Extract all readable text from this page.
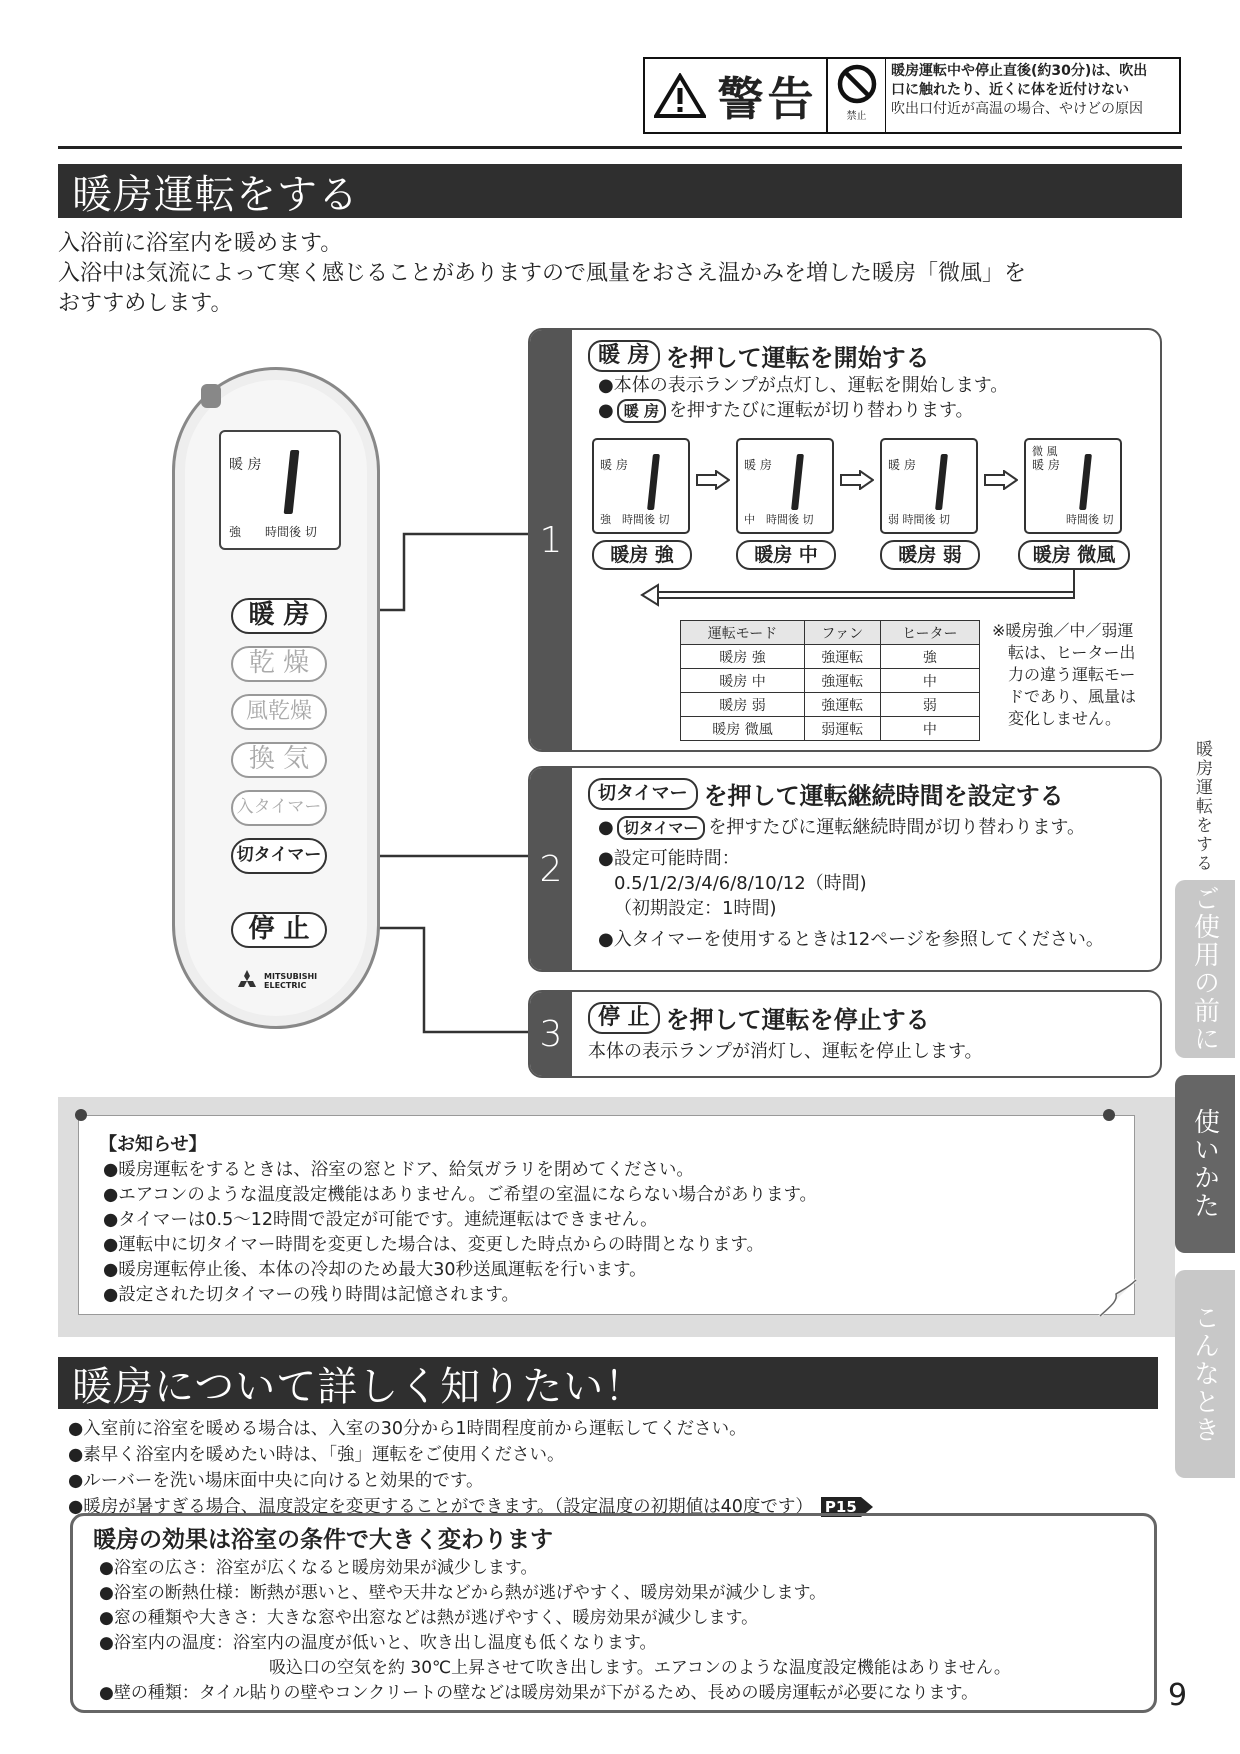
警告	禁止
暖房運転中や停止直後(約30分)は、吹出
口に触れたり、近くに体を近付けない
吹出口付近が高温の場合、やけどの原因
暖房運転をする
入浴前に浴室内を暖めます。
入浴中は気流によって寒く感じることがありますので風量をおさえ温かみを増した暖房「微風」を
おすすめします。
暖 房
強　　時間後 切
暖 房
乾 燥
風乾燥
換 気
入タイマー
切タイマー
停 止
MITSUBISHI
ELECTRIC
1
暖 房 を押して運転を開始する
●本体の表示ランプが点灯し、運転を開始します。
● 暖 房 を押すたびに運転が切り替わります。
暖 房
強　時間後 切
暖 房
中　時間後 切
暖 房
弱 時間後 切
微 風
暖 房
時間後 切
暖房 強	暖房 中	暖房 弱	暖房 微風
運転モード	ファン	ヒーター
暖房 強	強運転	強
暖房 中	強運転	中
暖房 弱	強運転	弱
暖房 微風	弱運転	中
※暖房強／中／弱運
転は、ヒーター出
力の違う運転モー
ドであり、風量は
変化しません。
2
切タイマー を押して運転継続時間を設定する
● 切タイマー を押すたびに運転継続時間が切り替わります。
●設定可能時間：
0.5/1/2/3/4/6/8/10/12（時間)
（初期設定：1時間)
●入タイマーを使用するときは12ページを参照してください。
3	停 止 を押して運転を停止する
本体の表示ランプが消灯し、運転を停止します。
【お知らせ】
●暖房運転をするときは、浴室の窓とドア、給気ガラリを閉めてください。
●エアコンのような温度設定機能はありません。ご希望の室温にならない場合があります。
●タイマーは0.5〜12時間で設定が可能です。連続運転はできません。
●運転中に切タイマー時間を変更した場合は、変更した時点からの時間となります。
●暖房運転停止後、本体の冷却のため最大30秒送風運転を行います。
●設定された切タイマーの残り時間は記憶されます。
暖房について詳しく知りたい！
●入室前に浴室を暖める場合は、入室の30分から1時間程度前から運転してください。
●素早く浴室内を暖めたい時は、「強」運転をご使用ください。
●ルーバーを洗い場床面中央に向けると効果的です。
●暖房が暑すぎる場合、温度設定を変更することができます。（設定温度の初期値は40度です） P15
暖房の効果は浴室の条件で大きく変わります
●浴室の広さ：浴室が広くなると暖房効果が減少します。
●浴室の断熱仕様：断熱が悪いと、壁や天井などから熱が逃げやすく、暖房効果が減少します。
●窓の種類や大きさ：大きな窓や出窓などは熱が逃げやすく、暖房効果が減少します。
●浴室内の温度：浴室内の温度が低いと、吹き出し温度も低くなります。
吸込口の空気を約 30℃上昇させて吹き出します。エアコンのような温度設定機能はありません。
●壁の種類：タイル貼りの壁やコンクリートの壁などは暖房効果が下がるため、長めの暖房運転が必要になります。
暖房運転をする
ご使用の前に
使いかた
こんなとき
9
